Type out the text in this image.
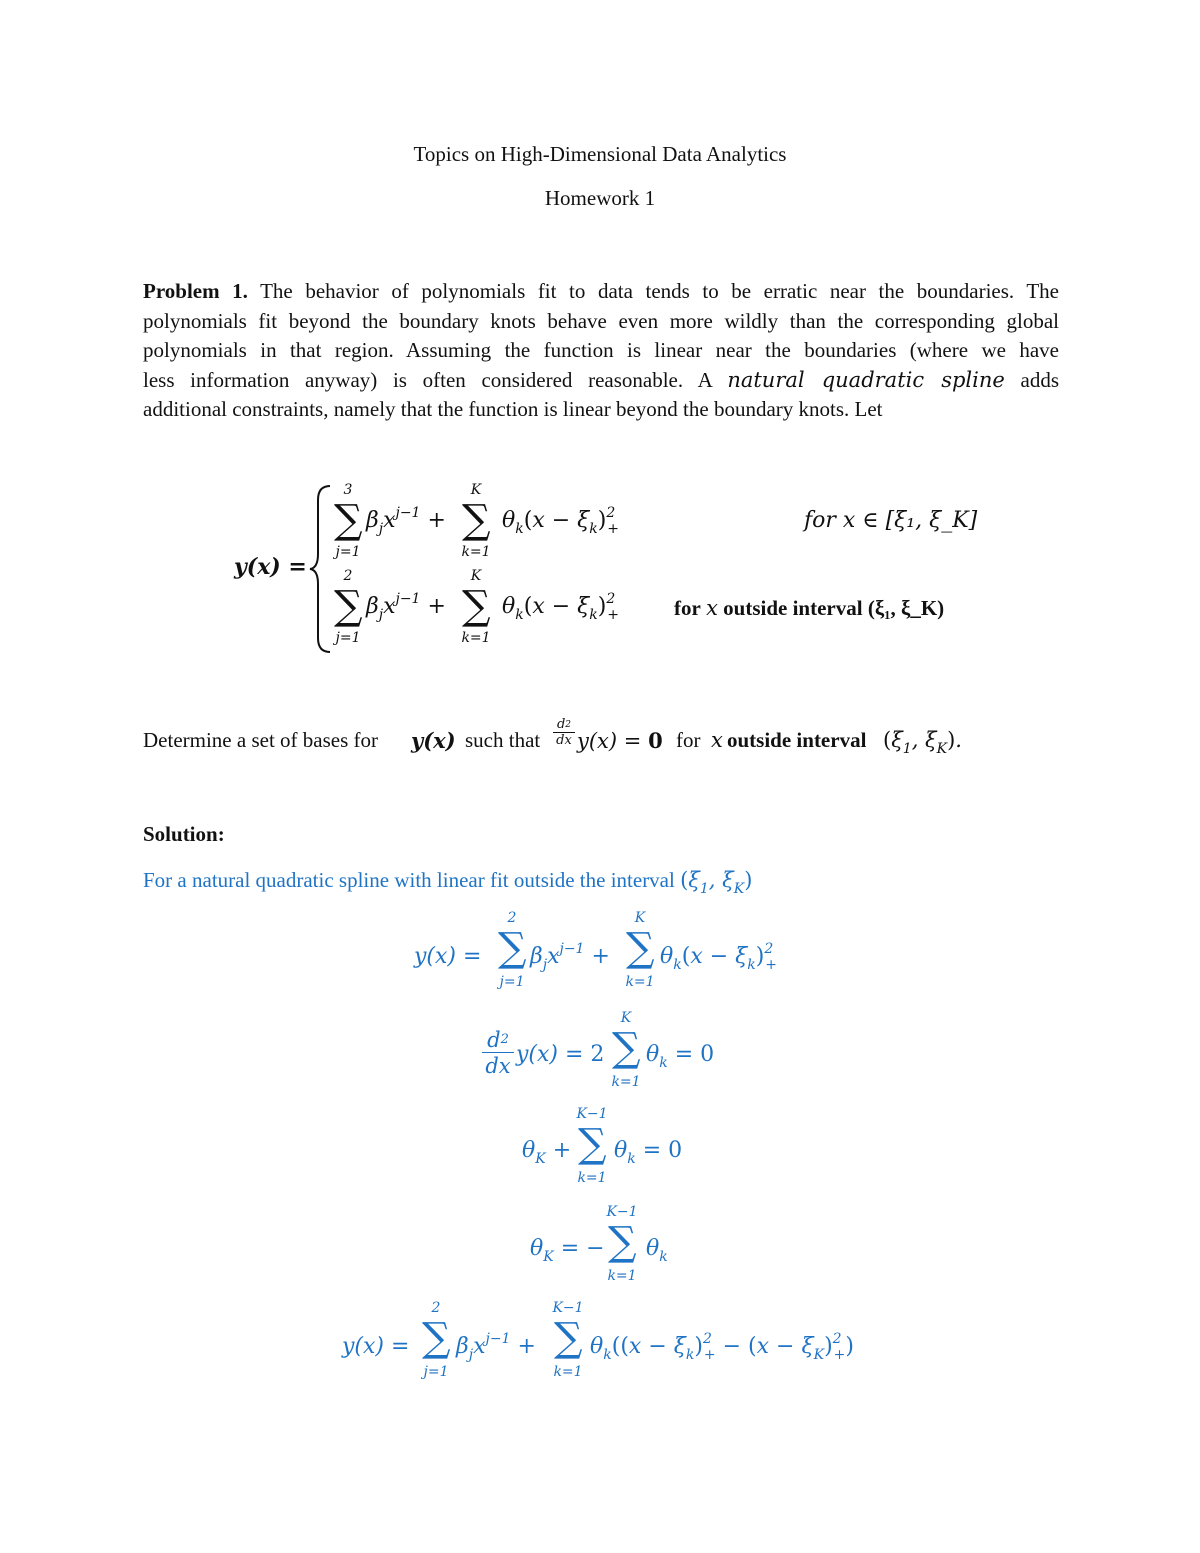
Topics on High-Dimensional Data Analytics
Homework 1
Problem 1. The behavior of polynomials fit to data tends to be erratic near the boundaries. The
polynomials fit beyond the boundary knots behave even more wildly than the corresponding global
polynomials in that region. Assuming the function is linear near the boundaries (where we have
less information anyway) is often considered reasonable. A natural quadratic spline adds
additional constraints, namely that the function is linear beyond the boundary knots. Let
y(x) =
3
∑
j=1
$\beta_jx^{j-1}$ +
K
∑
k=1
$\theta_k(x - \xi_k)^2_+$	for x ∈ [ξ₁, ξ_K]
2
∑
j=1
$\beta_jx^{j-1}$ +
K
∑
k=1
$\theta_k(x - \xi_k)^2_+$	for x outside interval (ξ₁, ξ_K)
Determine a set of bases for y(x) such that
$d^2$
dx y(x) = 0 for x outside interval ($\xi_1$, $\xi_K$).
Solution:
For a natural quadratic spline with linear fit outside the interval ($\xi_1$, $\xi_K$)
y(x) =
2
∑
j=1
$\beta_jx^{j-1}$ +
K
∑
k=1
$\theta_k(x - \xi_k)^2_+$
$d^2$
dx y(x) = 2
K
∑
k=1
$\theta_k = 0$
$\theta_K$ +
K−1
∑
k=1
$\theta_k = 0$
$\theta_K$ = −
K−1
∑
k=1
$\theta_k$
y(x) =
2
∑
j=1
$\beta_jx^{j-1}$ +
K−1
∑
k=1
$\theta_k((x - \xi_k)^2_+ - (x - \xi_K)^2_+)$
